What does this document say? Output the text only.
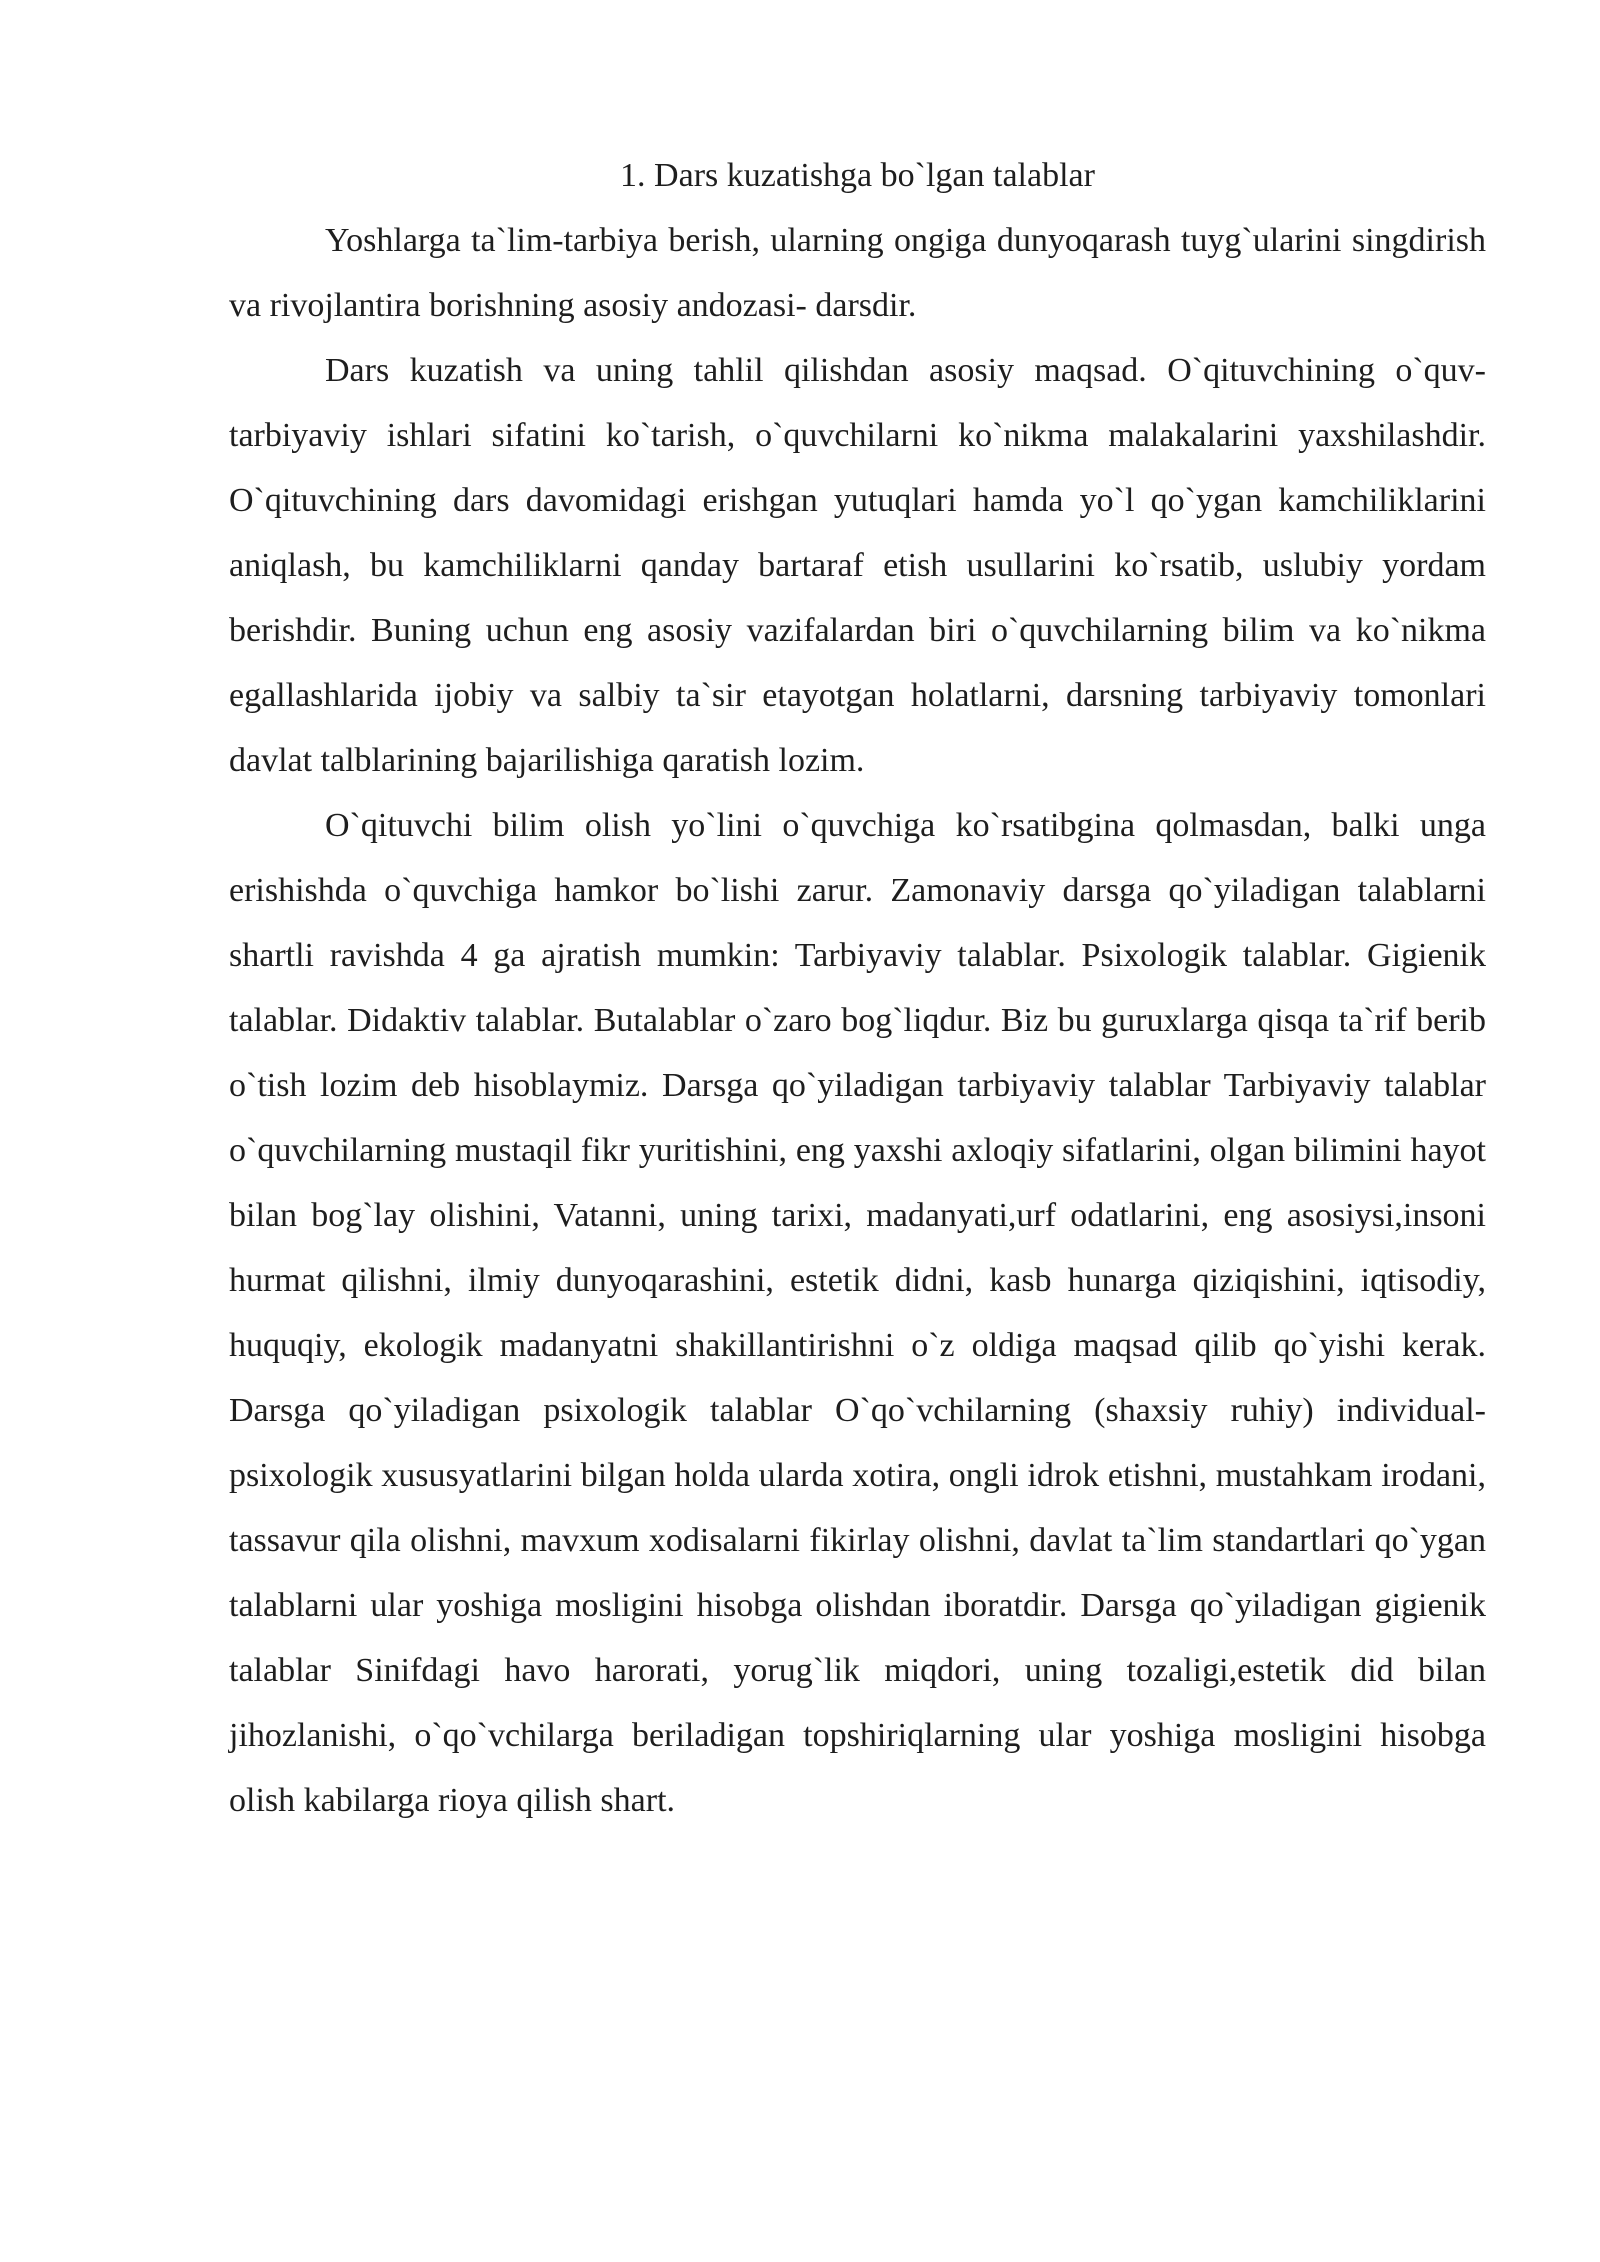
1. Dars kuzatishga bo`lgan talablar

Yoshlarga ta`lim-tarbiya berish, ularning ongiga dunyoqarash tuyg`ularini singdirish va rivojlantira borishning asosiy andozasi- darsdir.

Dars kuzatish va uning tahlil qilishdan asosiy maqsad. O`qituvchining o`quv-tarbiyaviy ishlari sifatini ko`tarish, o`quvchilarni ko`nikma malakalarini yaxshilashdir. O`qituvchining dars davomidagi erishgan yutuqlari hamda yo`l qo`ygan kamchiliklarini aniqlash, bu kamchiliklarni qanday bartaraf etish usullarini ko`rsatib, uslubiy yordam berishdir. Buning uchun eng asosiy vazifalardan biri o`quvchilarning bilim va ko`nikma egallashlarida ijobiy va salbiy ta`sir etayotgan holatlarni, darsning tarbiyaviy tomonlari davlat talblarining bajarilishiga qaratish lozim.

O`qituvchi bilim olish yo`lini o`quvchiga ko`rsatibgina qolmasdan, balki unga erishishda o`quvchiga hamkor bo`lishi zarur. Zamonaviy darsga qo`yiladigan talablarni shartli ravishda 4 ga ajratish mumkin: Tarbiyaviy talablar. Psixologik talablar. Gigienik talablar. Didaktiv talablar. Butalablar o`zaro bog`liqdur. Biz bu guruxlarga qisqa ta`rif berib o`tish lozim deb hisoblaymiz. Darsga qo`yiladigan tarbiyaviy talablar Tarbiyaviy talablar o`quvchilarning mustaqil fikr yuritishini, eng yaxshi axloqiy sifatlarini, olgan bilimini hayot bilan bog`lay olishini, Vatanni, uning tarixi, madanyati,urf odatlarini, eng asosiysi,insoni hurmat qilishni, ilmiy dunyoqarashini, estetik didni, kasb hunarga qiziqishini, iqtisodiy, huquqiy, ekologik madanyatni shakillantirishni o`z oldiga maqsad qilib qo`yishi kerak. Darsga qo`yiladigan psixologik talablar O`qo`vchilarning (shaxsiy ruhiy) individual- psixologik xususyatlarini bilgan holda ularda xotira, ongli idrok etishni, mustahkam irodani, tassavur qila olishni, mavxum xodisalarni fikirlay olishni, davlat ta`lim standartlari qo`ygan talablarni ular yoshiga mosligini hisobga olishdan iboratdir. Darsga qo`yiladigan gigienik talablar Sinifdagi havo harorati, yorug`lik miqdori, uning tozaligi,estetik did bilan jihozlanishi, o`qo`vchilarga beriladigan topshiriqlarning ular yoshiga mosligini hisobga olish kabilarga rioya qilish shart.
